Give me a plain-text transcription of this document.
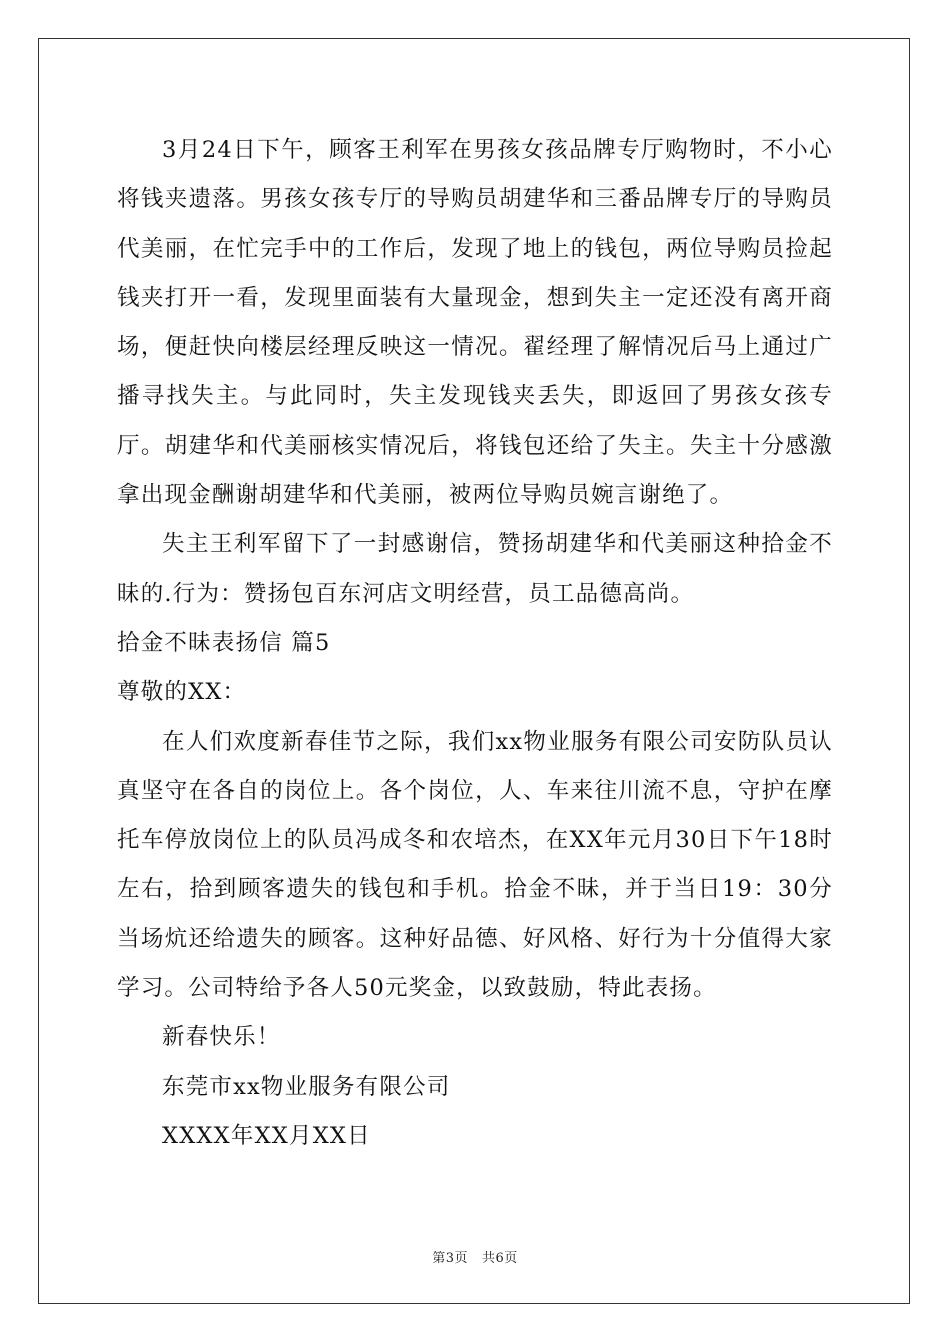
3月24日下午，顾客王利军在男孩女孩品牌专厅购物时，不小心将钱夹遗落。男孩女孩专厅的导购员胡建华和三番品牌专厅的导购员代美丽，在忙完手中的工作后，发现了地上的钱包，两位导购员捡起钱夹打开一看，发现里面装有大量现金，想到失主一定还没有离开商场，便赶快向楼层经理反映这一情况。翟经理了解情况后马上通过广播寻找失主。与此同时，失主发现钱夹丢失，即返回了男孩女孩专厅。胡建华和代美丽核实情况后，将钱包还给了失主。失主十分感激拿出现金酬谢胡建华和代美丽，被两位导购员婉言谢绝了。

失主王利军留下了一封感谢信，赞扬胡建华和代美丽这种拾金不昧的.行为：赞扬包百东河店文明经营，员工品德高尚。

拾金不昧表扬信 篇5

尊敬的XX：

在人们欢度新春佳节之际，我们xx物业服务有限公司安防队员认真坚守在各自的岗位上。各个岗位，人、车来往川流不息，守护在摩托车停放岗位上的队员冯成冬和农培杰，在XX年元月30日下午18时左右，拾到顾客遗失的钱包和手机。拾金不昧，并于当日19：30分当场炕还给遗失的顾客。这种好品德、好风格、好行为十分值得大家学习。公司特给予各人50元奖金，以致鼓励，特此表扬。

新春快乐！

东莞市xx物业服务有限公司

XXXX年XX月XX日

第3页 共6页
